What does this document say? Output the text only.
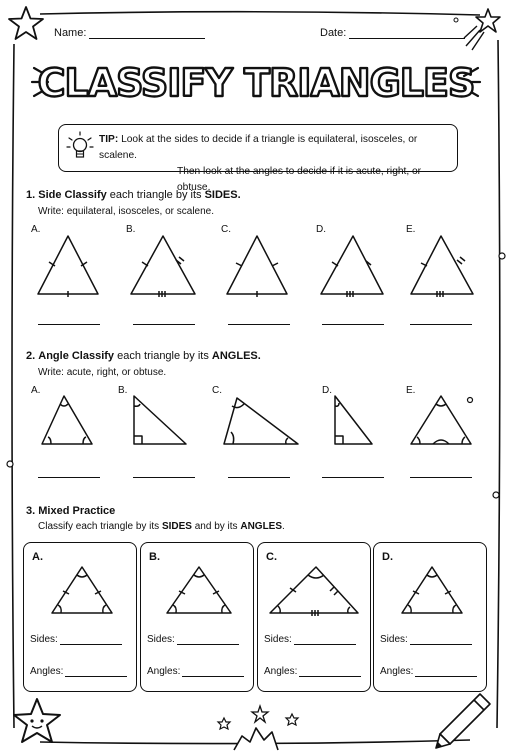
Name:	Date:
CLASSIFY TRIANGLES
TIP: Look at the sides to decide if a triangle is equilateral, isosceles, or scalene.
Then look at the angles to decide if it is acute, right, or obtuse.
1. Side Classify each triangle by its SIDES.
Write: equilateral, isosceles, or scalene.
A.	B.	C.	D.	E.
2. Angle Classify each triangle by its ANGLES.
Write: acute, right, or obtuse.
A.	B.	C.	D.	E.
3. Mixed Practice
Classify each triangle by its SIDES and by its ANGLES.
A.
Sides:
Angles:
B.
Sides:
Angles:
C.
Sides:
Angles:
D.
Sides:
Angles:
